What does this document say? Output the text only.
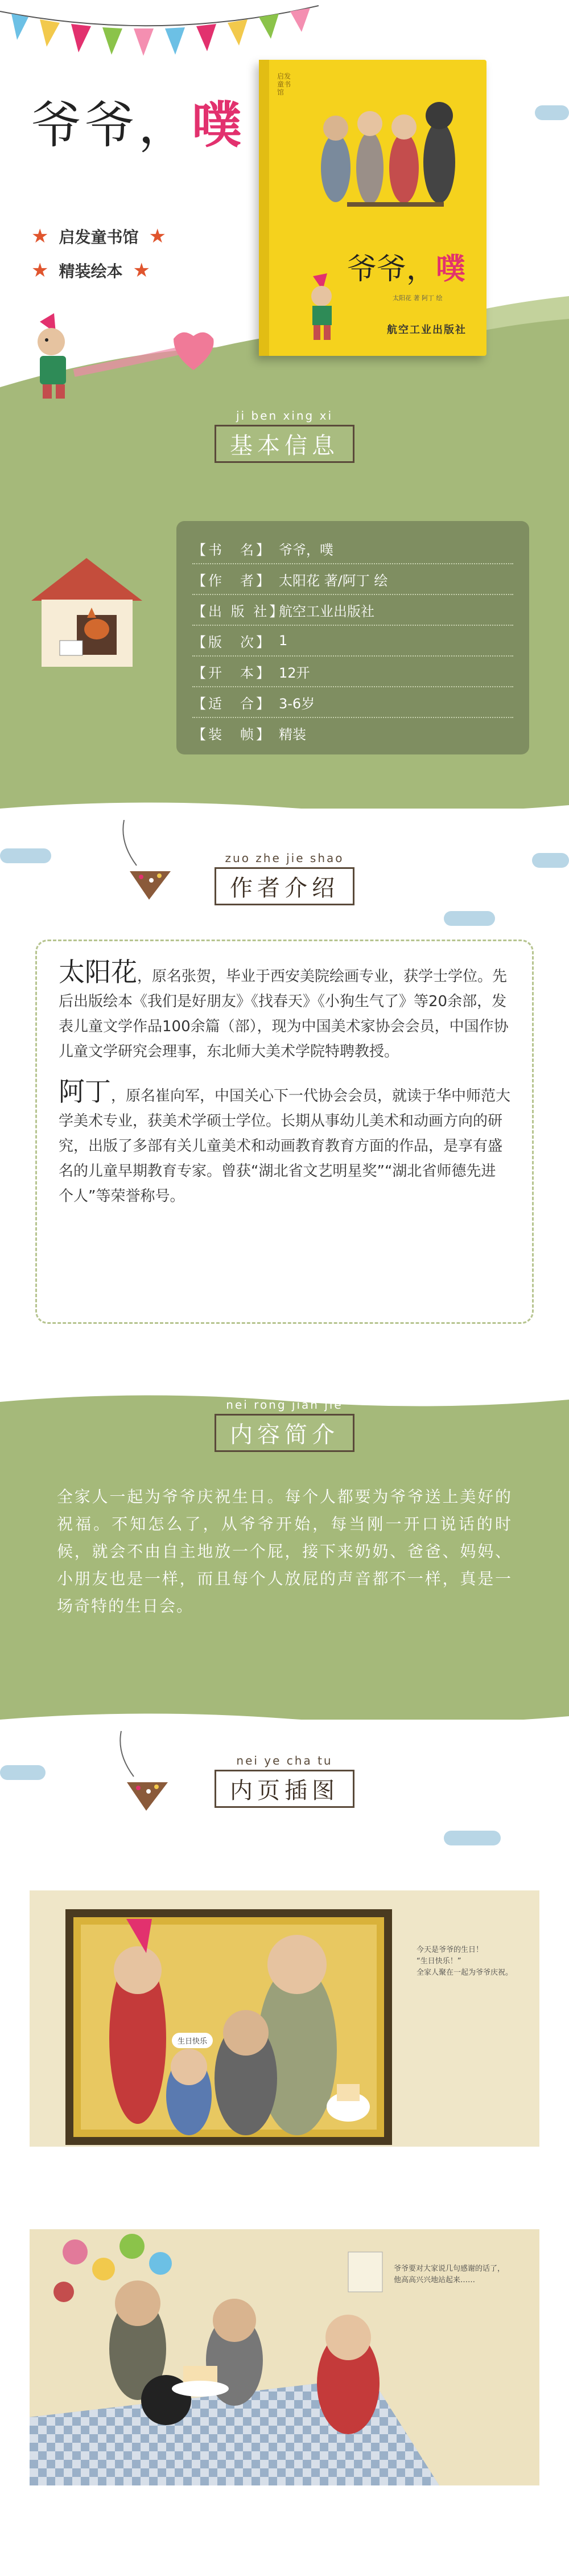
爷爷，噗
★ 启发童书馆 ★
★ 精装绘本 ★
启发童书馆
爷爷，噗
太阳花 著 阿丁 绘
航空工业出版社
ji ben xing xi
基本信息
【书　名】 爷爷，噗
【作　者】 太阳花 著/阿丁 绘
【出 版 社】
航空工业出版社
【版　次】 1
【开　本】 12开
【适　合】 3-6岁
【装　帧】 精装
zuo zhe jie shao
作者介绍

太阳花，原名张贺，毕业于西安美院绘画专业，获学士学位。先后出版绘本《我们是好朋友》《找春天》《小狗生气了》等20余部，发表儿童文学作品100余篇（部），现为中国美术家协会会员，中国作协儿童文学研究会理事，东北师大美术学院特聘教授。

阿丁，原名崔向军，中国关心下一代协会会员，就读于华中师范大学美术专业，获美术学硕士学位。长期从事幼儿美术和动画方向的研究，出版了多部有关儿童美术和动画教育教育方面的作品，是享有盛名的儿童早期教育专家。曾获“湖北省文艺明星奖”“湖北省师德先进个人”等荣誉称号。

nei rong jian jie
内容简介
全家人一起为爷爷庆祝生日。每个人都要为爷爷送上美好的祝福。不知怎么了，从爷爷开始，每当刚一开口说话的时候，就会不由自主地放一个屁，接下来奶奶、爸爸、妈妈、小朋友也是一样，而且每个人放屁的声音都不一样，真是一场奇特的生日会。
nei ye cha tu
内页插图
生日快乐
今天是爷爷的生日！
“生日快乐！”
全家人聚在一起为爷爷庆祝。
爷爷要对大家说几句感谢的话了，
他高高兴兴地站起来……
